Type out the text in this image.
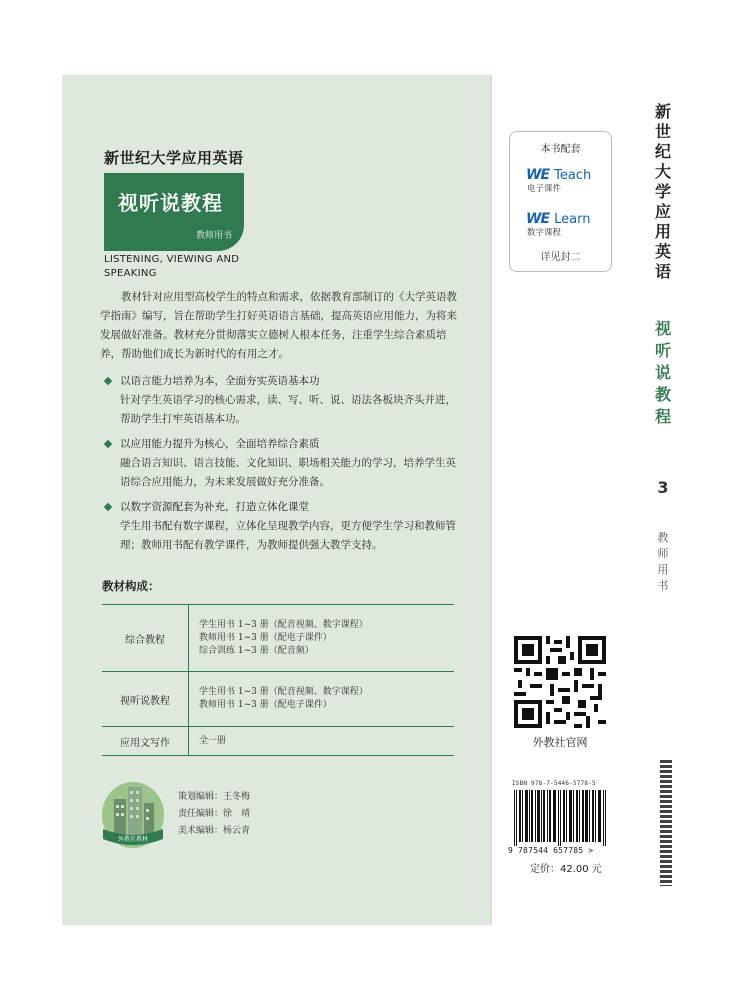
新世纪大学应用英语
视听说教程
教师用书
LISTENING, VIEWING AND SPEAKING

教材针对应用型高校学生的特点和需求，依据教育部制订的《大学英语教学指南》编写，旨在帮助学生打好英语语言基础，提高英语应用能力，为将来发展做好准备。教材充分贯彻落实立德树人根本任务，注重学生综合素质培养，帮助他们成长为新时代的有用之才。

以语言能力培养为本，全面夯实英语基本功

针对学生英语学习的核心需求，读、写、听、说、语法各板块齐头并进，帮助学生打牢英语基本功。

以应用能力提升为核心，全面培养综合素质

融合语言知识、语言技能、文化知识、职场相关能力的学习，培养学生英语综合应用能力，为未来发展做好充分准备。

以数字资源配套为补充，打造立体化课堂

学生用书配有数字课程，立体化呈现教学内容，更方便学生学习和教师管理；教师用书配有教学课件，为教师提供强大教学支持。

教材构成：
综合教程	学生用书 1~3 册（配音视频、数字课程）
教师用书 1~3 册（配电子课件）
综合训练 1~3 册（配音频）

视听说教程	学生用书 1~3 册（配音视频、数字课程）
教师用书 1~3 册（配电子课件）

应用文写作	全一册
外教社教材
策划编辑：王冬梅
责任编辑：徐　靖
美术编辑：杨云青
本书配套
WE Teach
电子课件
WE Learn
数字课程
详见封二
外教社官网
ISBN 978-7-5446-5778-5
9 787544 657785 >
定价：42.00 元
新世纪大学应用英语
视听说教程
3
教师用书
